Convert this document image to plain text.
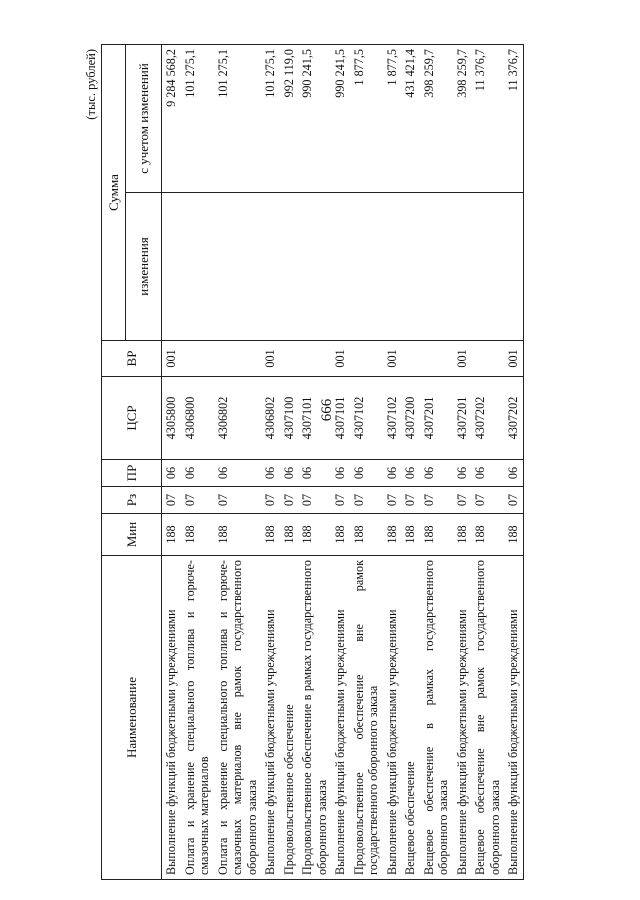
666
(тыс. рублей)
Наименование	Мин	Рз	ПР	ЦСР	ВР	Сумма	
						изменения	с учетом изменений
Выполнение функций бюджетными учреждениями	188	07	06	4305800	001		9 284 568,2
Оплата и хранение специального топлива и горюче-смазочных материалов	188	07	06	4306800			101 275,1
Оплата и хранение специального топлива и горюче-смазочных материалов вне рамок государственного оборонного заказа	188	07	06	4306802			101 275,1
Выполнение функций бюджетными учреждениями	188	07	06	4306802	001		101 275,1
Продовольственное обеспечение	188	07	06	4307100			992 119,0
Продовольственное обеспечение в рамках государственного оборонного заказа	188	07	06	4307101			990 241,5
Выполнение функций бюджетными учреждениями	188	07	06	4307101	001		990 241,5
Продовольственное обеспечение вне рамок государственного оборонного заказа	188	07	06	4307102			1 877,5
Выполнение функций бюджетными учреждениями	188	07	06	4307102	001		1 877,5
Вещевое обеспечение	188	07	06	4307200			431 421,4
Вещевое обеспечение в рамках государственного оборонного заказа	188	07	06	4307201			398 259,7
Выполнение функций бюджетными учреждениями	188	07	06	4307201	001		398 259,7
Вещевое обеспечение вне рамок государственного оборонного заказа	188	07	06	4307202			11 376,7
Выполнение функций бюджетными учреждениями	188	07	06	4307202	001		11 376,7
